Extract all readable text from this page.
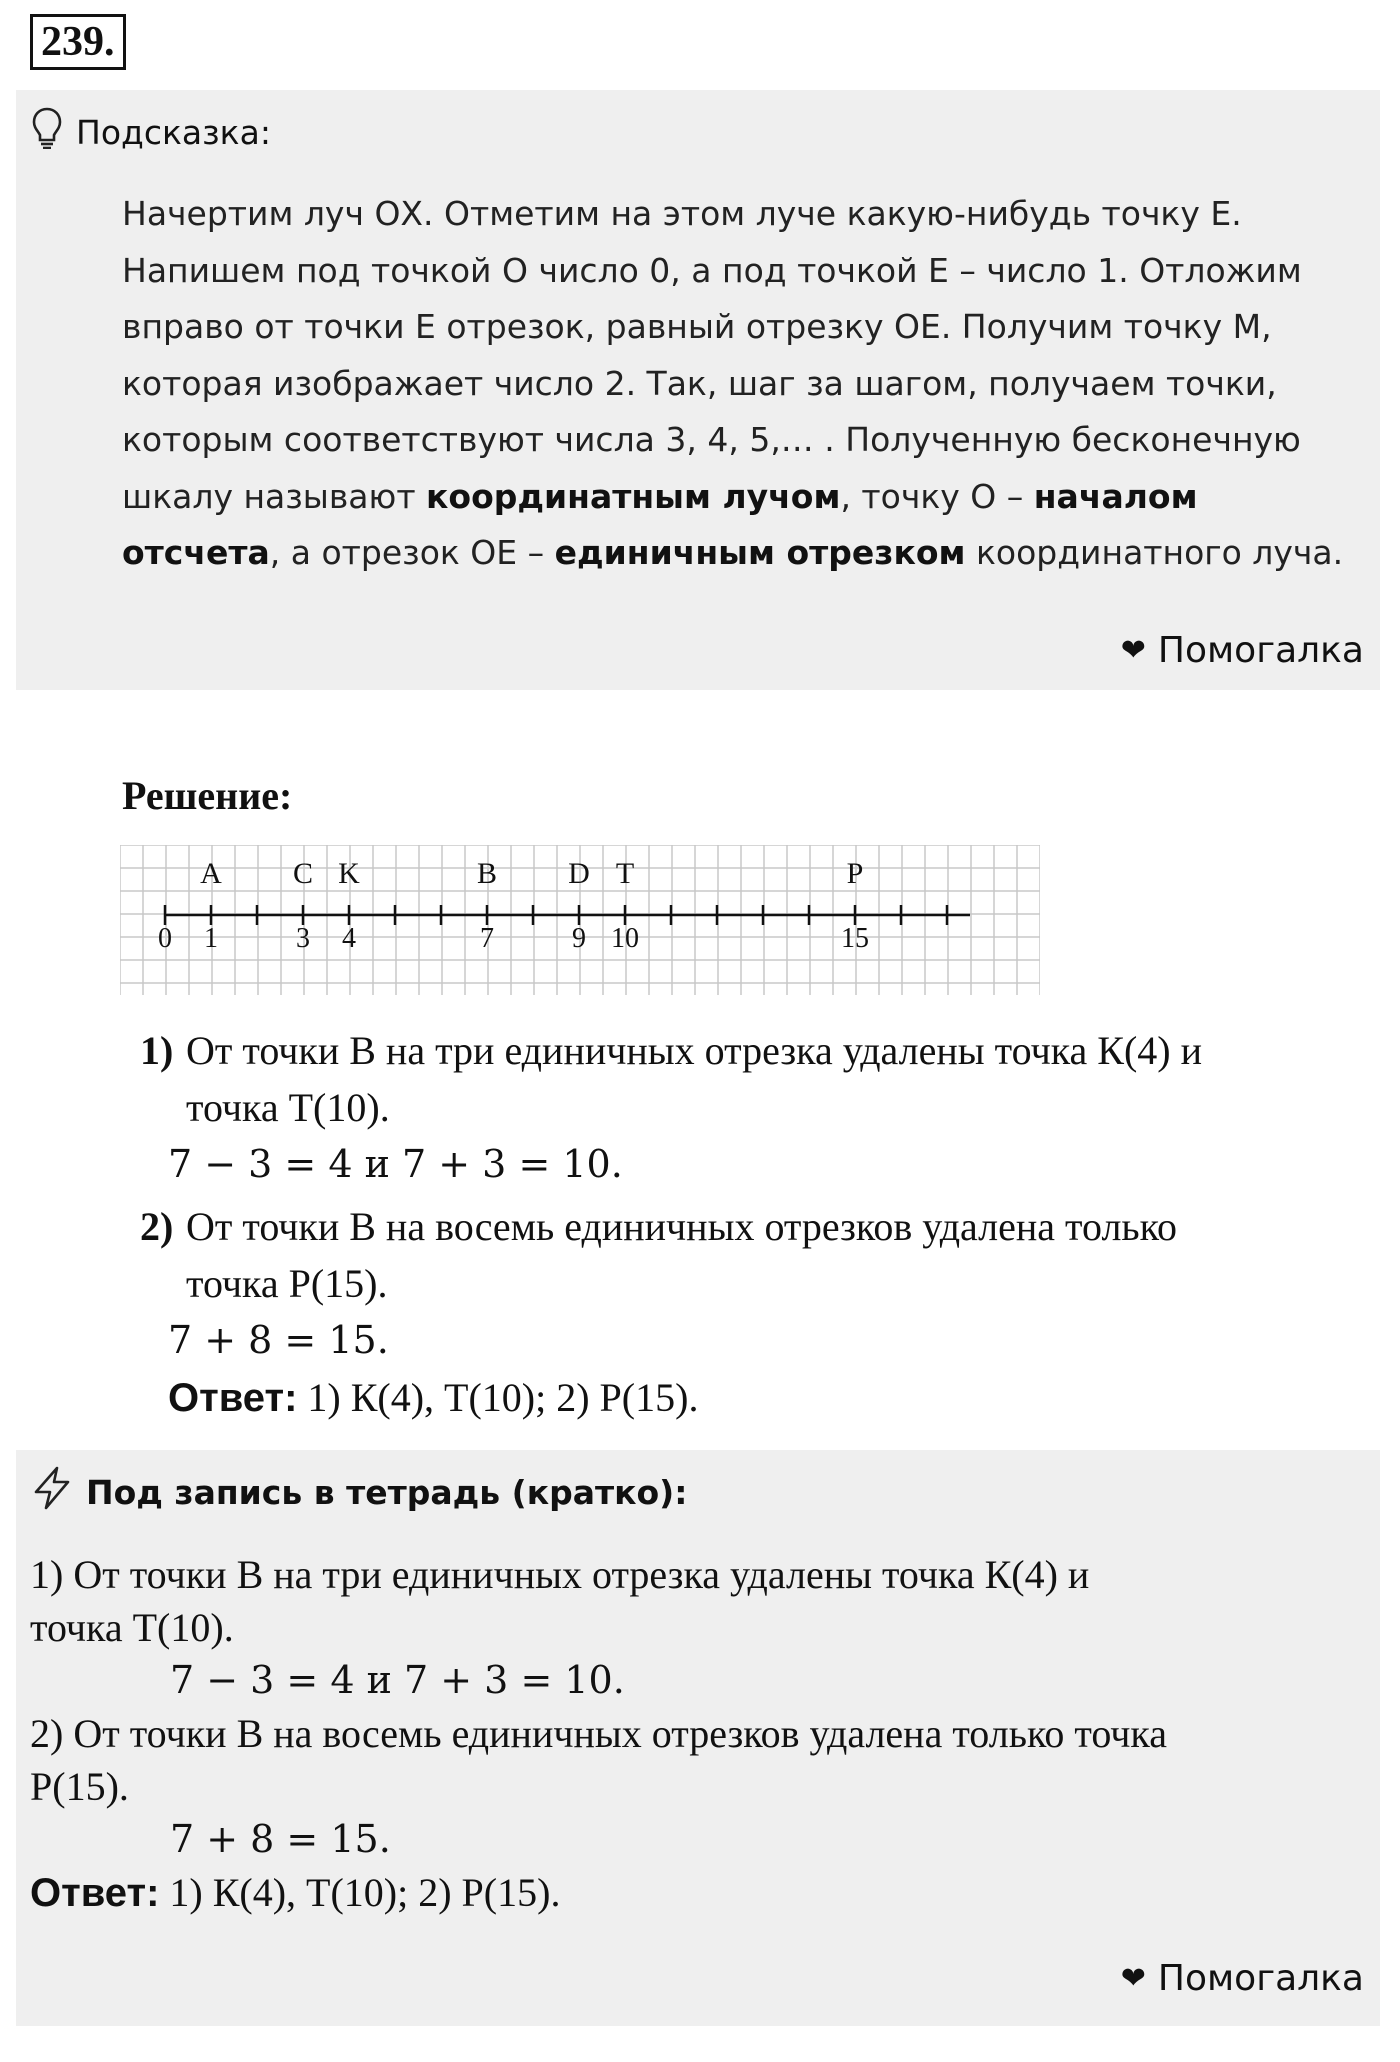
239.
Подсказка:
Начертим луч ОХ. Отметим на этом луче какую-нибудь точку Е. Напишем под точкой О число 0, а под точкой Е – число 1. Отложим вправо от точки Е отрезок, равный отрезку ОЕ. Получим точку М, которая изображает число 2. Так, шаг за шагом, получаем точки, которым соответствуют числа 3, 4, 5,… . Полученную бесконечную шкалу называют координатным лучом, точку О – началом отсчета, а отрезок ОЕ – единичным отрезком координатного луча.
❤ Помогалка
Решение:
A C K	B D T	P
0 1	3 4	7	9 10	15
1) От точки В на три единичных отрезка удалены точка К(4) и
точка Т(10).
7 − 3 = 4 и 7 + 3 = 10.
2) От точки В на восемь единичных отрезков удалена только
точка Р(15).
7 + 8 = 15.
Ответ: 1) К(4), Т(10); 2) Р(15).
Под запись в тетрадь (кратко):
1) От точки В на три единичных отрезка удалены точка К(4) и
точка Т(10).
7 − 3 = 4 и 7 + 3 = 10.
2) От точки В на восемь единичных отрезков удалена только точка
Р(15).
7 + 8 = 15.
Ответ: 1) К(4), Т(10); 2) Р(15).
❤ Помогалка
